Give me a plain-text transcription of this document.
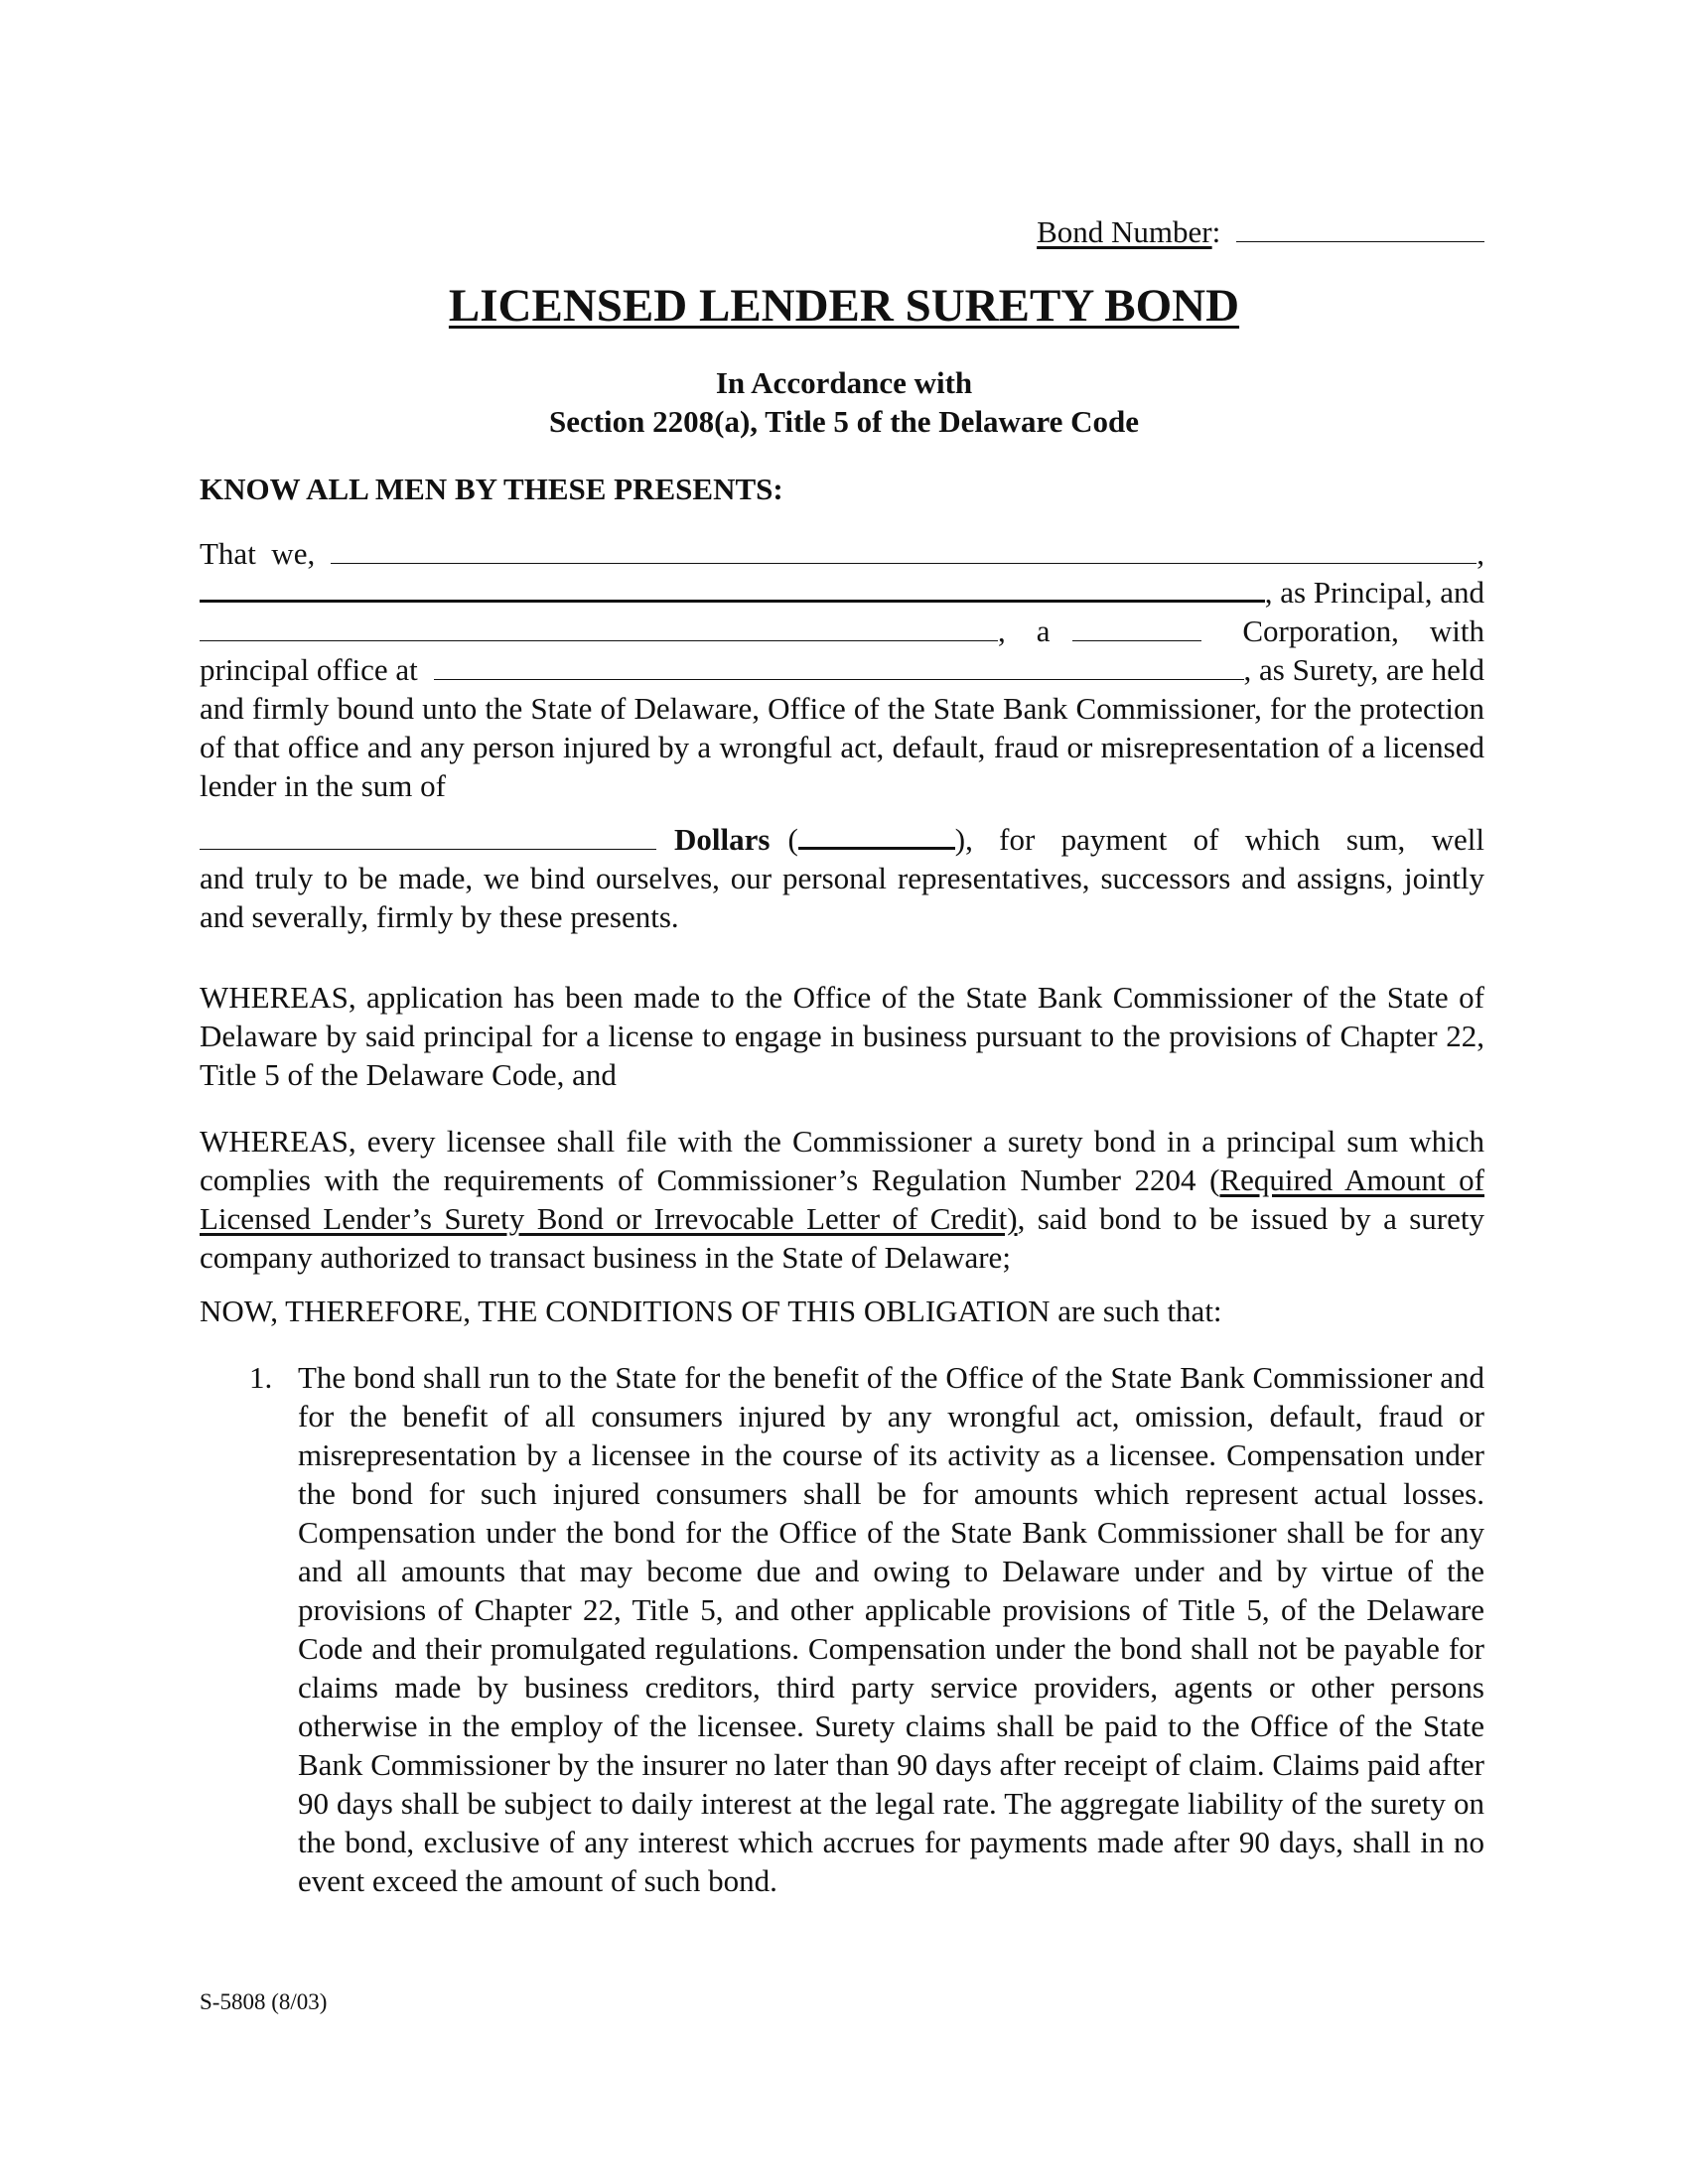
Bond Number:
LICENSED LENDER SURETY BOND
In Accordance with
Section 2208(a), Title 5 of the Delaware Code
KNOW ALL MEN BY THESE PRESENTS:
That  we,	,
, as Principal, and
,    a	Corporation,    with
principal office at	, as Surety, are held
and firmly bound unto the State of Delaware, Office of the State Bank Commissioner, for the protection of that office and any person injured by a wrongful act, default, fraud or misrepresentation of a licensed lender in the sum of
Dollars (	), for payment of which sum, well
and truly to be made, we bind ourselves, our personal representatives, successors and assigns, jointly and severally, firmly by these presents.
WHEREAS, application has been made to the Office of the State Bank Commissioner of the State of Delaware by said principal for a license to engage in business pursuant to the provisions of Chapter 22, Title 5 of the Delaware Code, and
WHEREAS, every licensee shall file with the Commissioner a surety bond in a principal sum which complies with the requirements of Commissioner’s Regulation Number 2204 (Required Amount of Licensed Lender’s Surety Bond or Irrevocable Letter of Credit), said bond to be issued by a surety company authorized to transact business in the State of Delaware;
NOW, THEREFORE, THE CONDITIONS OF THIS OBLIGATION are such that:
1. The bond shall run to the State for the benefit of the Office of the State Bank Commissioner and for the benefit of all consumers injured by any wrongful act, omission, default, fraud or misrepresentation by a licensee in the course of its activity as a licensee. Compensation under the bond for such injured consumers shall be for amounts which represent actual losses. Compensation under the bond for the Office of the State Bank Commissioner shall be for any and all amounts that may become due and owing to Delaware under and by virtue of the provisions of Chapter 22, Title 5, and other applicable provisions of Title 5, of the Delaware Code and their promulgated regulations. Compensation under the bond shall not be payable for claims made by business creditors, third party service providers, agents or other persons otherwise in the employ of the licensee. Surety claims shall be paid to the Office of the State Bank Commissioner by the insurer no later than 90 days after receipt of claim. Claims paid after 90 days shall be subject to daily interest at the legal rate. The aggregate liability of the surety on the bond, exclusive of any interest which accrues for payments made after 90 days, shall in no event exceed the amount of such bond.
S-5808 (8/03)
